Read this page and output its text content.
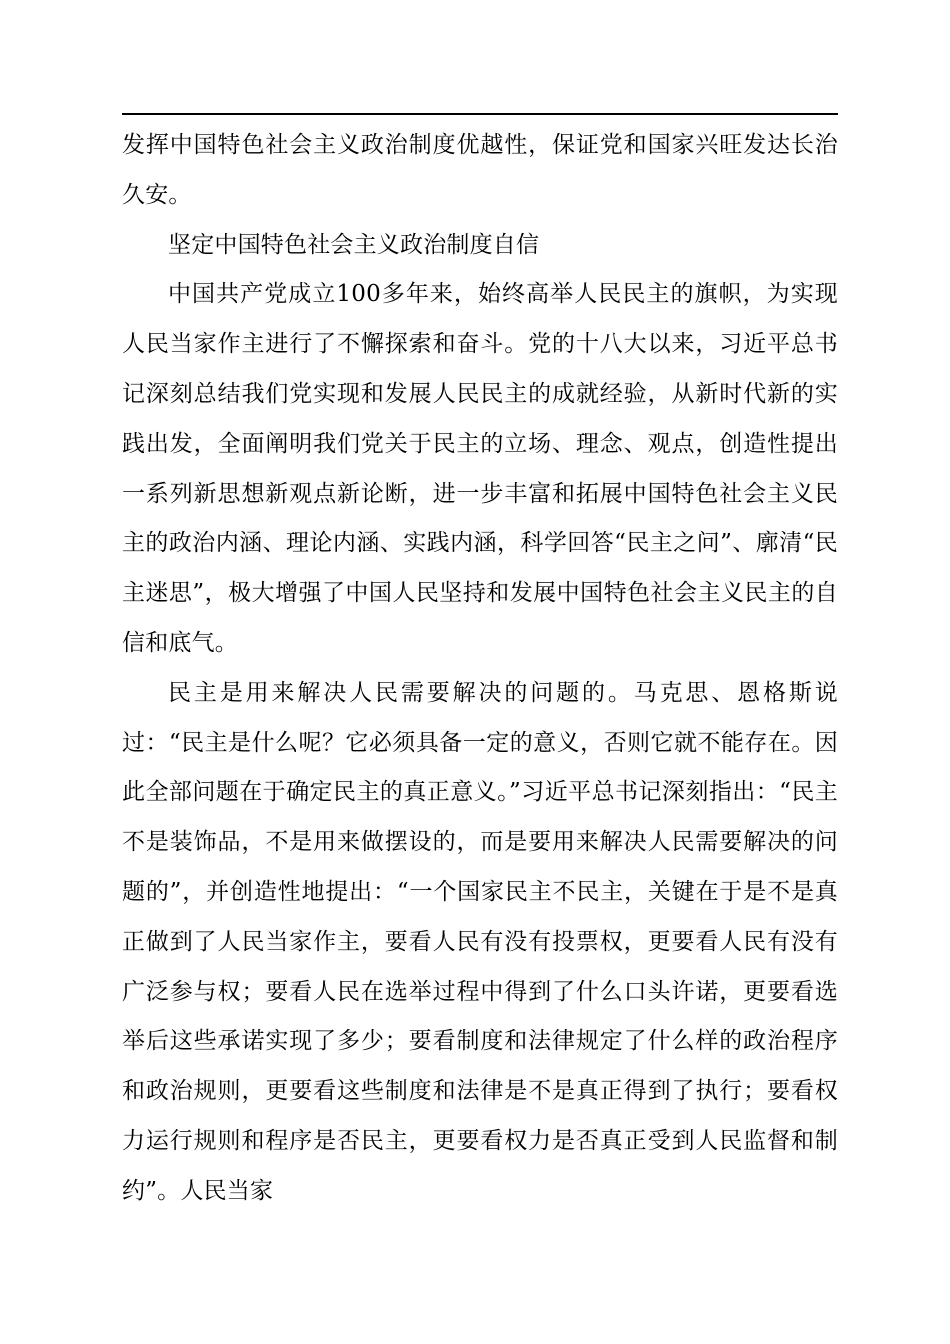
发挥中国特色社会主义政治制度优越性，保证党和国家兴旺发达长治久安。

坚定中国特色社会主义政治制度自信

中国共产党成立100多年来，始终高举人民民主的旗帜，为实现人民当家作主进行了不懈探索和奋斗。党的十八大以来，习近平总书记深刻总结我们党实现和发展人民民主的成就经验，从新时代新的实践出发，全面阐明我们党关于民主的立场、理念、观点，创造性提出一系列新思想新观点新论断，进一步丰富和拓展中国特色社会主义民主的政治内涵、理论内涵、实践内涵，科学回答“民主之问”、廓清“民主迷思”，极大增强了中国人民坚持和发展中国特色社会主义民主的自信和底气。

民主是用来解决人民需要解决的问题的。马克思、恩格斯说过：“民主是什么呢？它必须具备一定的意义，否则它就不能存在。因此全部问题在于确定民主的真正意义。”习近平总书记深刻指出：“民主不是装饰品，不是用来做摆设的，而是要用来解决人民需要解决的问题的”，并创造性地提出：“一个国家民主不民主，关键在于是不是真正做到了人民当家作主，要看人民有没有投票权，更要看人民有没有广泛参与权；要看人民在选举过程中得到了什么口头许诺，更要看选举后这些承诺实现了多少；要看制度和法律规定了什么样的政治程序和政治规则，更要看这些制度和法律是不是真正得到了执行；要看权力运行规则和程序是否民主，更要看权力是否真正受到人民监督和制约”。人民当家
